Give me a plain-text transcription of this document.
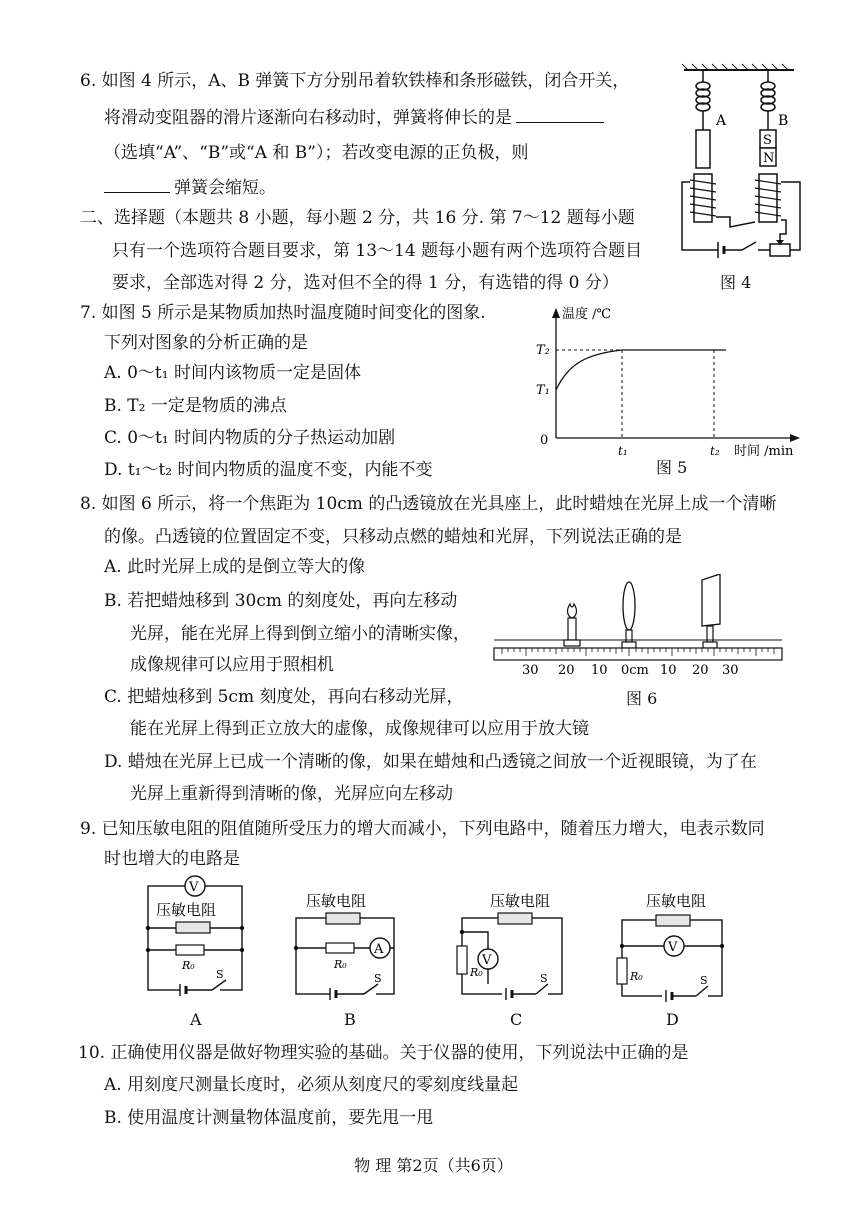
6. 如图 4 所示，A、B 弹簧下方分别吊着软铁棒和条形磁铁，闭合开关，
将滑动变阻器的滑片逐渐向右移动时，弹簧将伸长的是
（选填“A”、“B”或“A 和 B”）；若改变电源的正负极，则
弹簧会缩短。
二、选择题（本题共 8 小题，每小题 2 分，共 16 分. 第 7～12 题每小题
只有一个选项符合题目要求，第 13～14 题每小题有两个选项符合题目
要求，全部选对得 2 分，选对但不全的得 1 分，有选错的得 0 分）
A
S
N
B
图 4
7. 如图 5 所示是某物质加热时温度随时间变化的图象.
下列对图象的分析正确的是
A. 0～t₁ 时间内该物质一定是固体
B. T₂ 一定是物质的沸点
C. 0～t₁ 时间内物质的分子热运动加剧
D. t₁～t₂ 时间内物质的温度不变，内能不变
温度 /℃
时间 /min
T₂
T₁
0
t₁	t₂
图 5
8. 如图 6 所示，将一个焦距为 10cm 的凸透镜放在光具座上，此时蜡烛在光屏上成一个清晰
的像。凸透镜的位置固定不变，只移动点燃的蜡烛和光屏，下列说法正确的是
A. 此时光屏上成的是倒立等大的像
B. 若把蜡烛移到 30cm 的刻度处，再向左移动
光屏，能在光屏上得到倒立缩小的清晰实像，
成像规律可以应用于照相机
C. 把蜡烛移到 5cm 刻度处，再向右移动光屏，
能在光屏上得到正立放大的虚像，成像规律可以应用于放大镜
D. 蜡烛在光屏上已成一个清晰的像，如果在蜡烛和凸透镜之间放一个近视眼镜，为了在
光屏上重新得到清晰的像，光屏应向左移动
30 20 10 0cm 10 20 30
图 6
9. 已知压敏电阻的阻值随所受压力的增大而减小，下列电路中，随着压力增大，电表示数同
时也增大的电路是
V
压敏电阻
R₀
S
A
压敏电阻
A
R₀
S
B
压敏电阻
R₀
V
S
C
压敏电阻
V
R₀	S
D
10. 正确使用仪器是做好物理实验的基础。关于仪器的使用，下列说法中正确的是
A. 用刻度尺测量长度时，必须从刻度尺的零刻度线量起
B. 使用温度计测量物体温度前，要先甩一甩
物 理 第2页（共6页）
